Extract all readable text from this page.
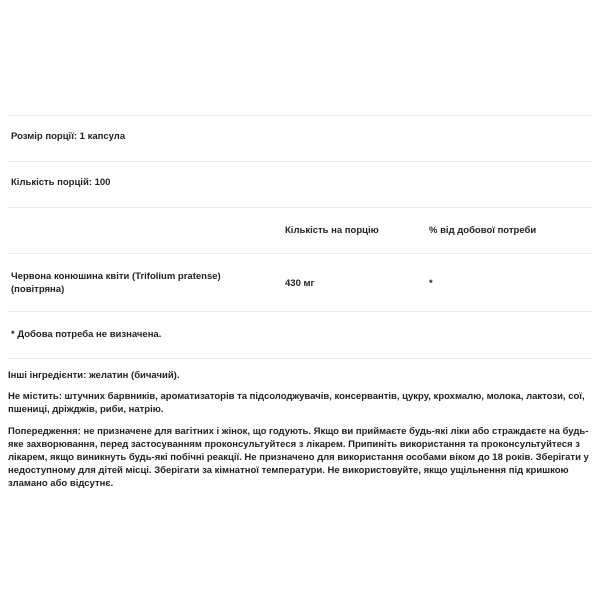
Розмір порції: 1 капсула
Кількість порцій: 100
Кількість на порцію	% від добової потреби
Червона конюшина квіти (Trifolium pratense)
(повітряна)
430 мг	*
* Добова потреба не визначена.
Інші інгредієнти: желатин (бичачий).
Не містить: штучних барвників, ароматизаторів та підсолоджувачів, консервантів, цукру, крохмалю, молока, лактози, сої,
пшениці, дріжджів, риби, натрію.
Попередження: не призначене для вагітних і жінок, що годують. Якщо ви приймаєте будь-які ліки або страждаєте на будь-
яке захворювання, перед застосуванням проконсультуйтеся з лікарем. Припиніть використання та проконсультуйтеся з
лікарем, якщо виникнуть будь-які побічні реакції. Не призначено для використання особами віком до 18 років. Зберігати у
недоступному для дітей місці. Зберігати за кімнатної температури. Не використовуйте, якщо ущільнення під кришкою
зламано або відсутнє.
